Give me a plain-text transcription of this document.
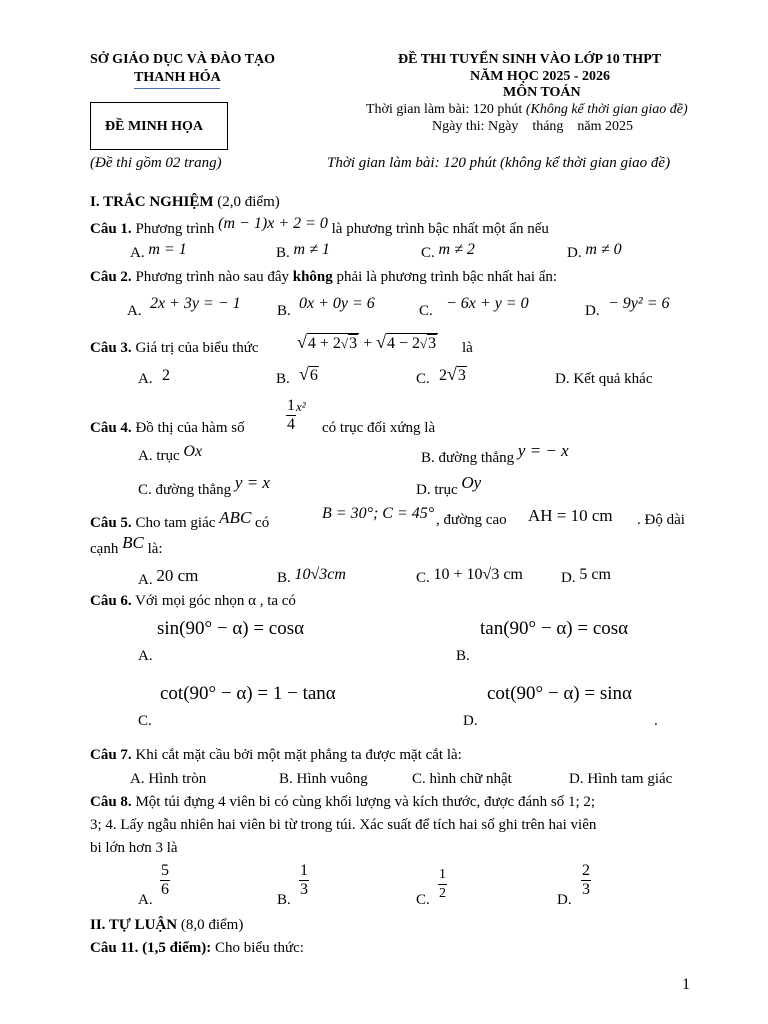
SỞ GIÁO DỤC VÀ ĐÀO TẠO
THANH HÓA
ĐỀ THI TUYỂN SINH VÀO LỚP 10 THPT
NĂM HỌC 2025 - 2026
MÔN TOÁN
Thời gian làm bài: 120 phút (Không kể thời gian giao đề)
Ngày thi: Ngày    tháng    năm 2025
ĐỀ MINH HỌA
(Đề thi gồm 02 trang)	Thời gian làm bài: 120 phút (không kể thời gian giao đề)
I. TRẮC NGHIỆM (2,0 điểm)
Câu 1. Phương trình (m − 1)x + 2 = 0 là phương trình bậc nhất một ẩn nếu
A. m = 1	B. m ≠ 1	C. m ≠ 2	D. m ≠ 0
Câu 2. Phương trình nào sau đây không phải là phương trình bậc nhất hai ẩn:
A. 2x + 3y = − 1 B. 0x + 0y = 6	C. − 6x + y = 0	D. − 9y² = 6
Câu 3. Giá trị của biểu thức √4 + 2√3 + √4 − 2√3 là
A. 2	B. √6	C. 2√3	D. Kết quả khác
Câu 4. Đồ thị của hàm số	$\frac{1}{4} x^2$
có trục đối xứng là
A. trục Ox	B. đường thẳng y = − x
C. đường thẳng y = x	D. trục Oy
Câu 5. Cho tam giác ABC có
B = 30°; C = 45° , đường cao AH = 10 cm . Độ dài
cạnh BC là:
A. 20 cm	B. 10√3cm	C. 10 + 10√3 cm	D. 5 cm
Câu 6. Với mọi góc nhọn α , ta có
sin(90° − α) = cosα	tan(90° − α) = cosα
A.	B.
cot(90° − α) = 1 − tanα	cot(90° − α) = sinα
C.	D.	.
Câu 7. Khi cắt mặt cầu bởi một mặt phẳng ta được mặt cắt là:
A. Hình tròn	B. Hình vuông	C. hình chữ nhật	D. Hình tam giác
Câu 8. Một túi đựng 4 viên bi có cùng khối lượng và kích thước, được đánh số 1; 2;
3; 4. Lấy ngẫu nhiên hai viên bi từ trong túi. Xác suất để tích hai số ghi trên hai viên
bi lớn hơn 3 là
A.
$\frac{5}{6}$
B.
$\frac{1}{3}$
C. $\frac{1}{2}$	D.
$\frac{2}{3}$
II. TỰ LUẬN (8,0 điểm)
Câu 11. (1,5 điểm): Cho biểu thức:
1
